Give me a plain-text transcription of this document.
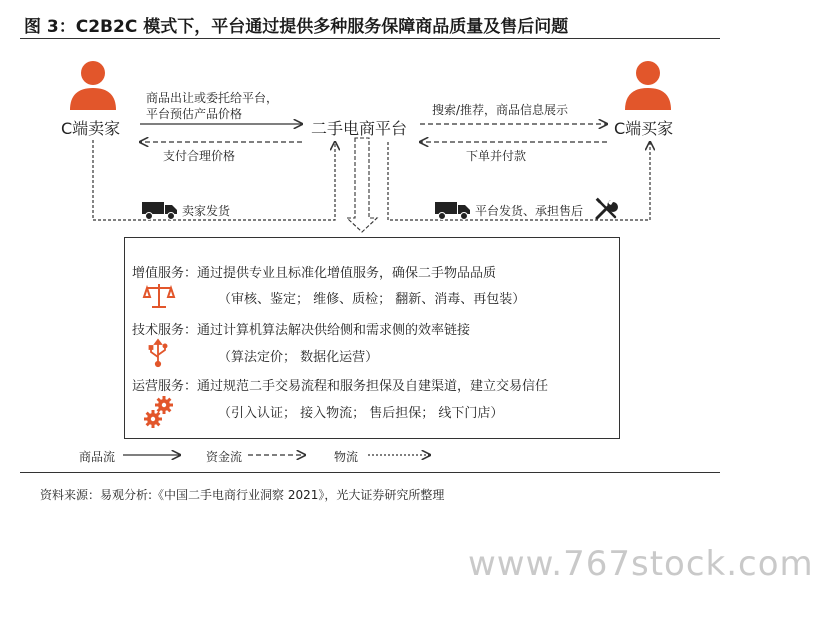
图 3：C2B2C 模式下，平台通过提供多种服务保障商品质量及售后问题
C端卖家	C端买家
二手电商平台
商品出让或委托给平台，
平台预估产品价格
支付合理价格
搜索/推荐，商品信息展示
下单并付款
卖家发货	平台发货、承担售后
增值服务：通过提供专业且标准化增值服务，确保二手物品品质
（审核、鉴定； 维修、质检； 翻新、消毒、再包装）
技术服务：通过计算机算法解决供给侧和需求侧的效率链接
（算法定价； 数据化运营）
运营服务：通过规范二手交易流程和服务担保及自建渠道，建立交易信任
（引入认证； 接入物流； 售后担保； 线下门店）
商品流	资金流	物流
资料来源：易观分析:《中国二手电商行业洞察 2021》，光大证券研究所整理
www.767stock.com
